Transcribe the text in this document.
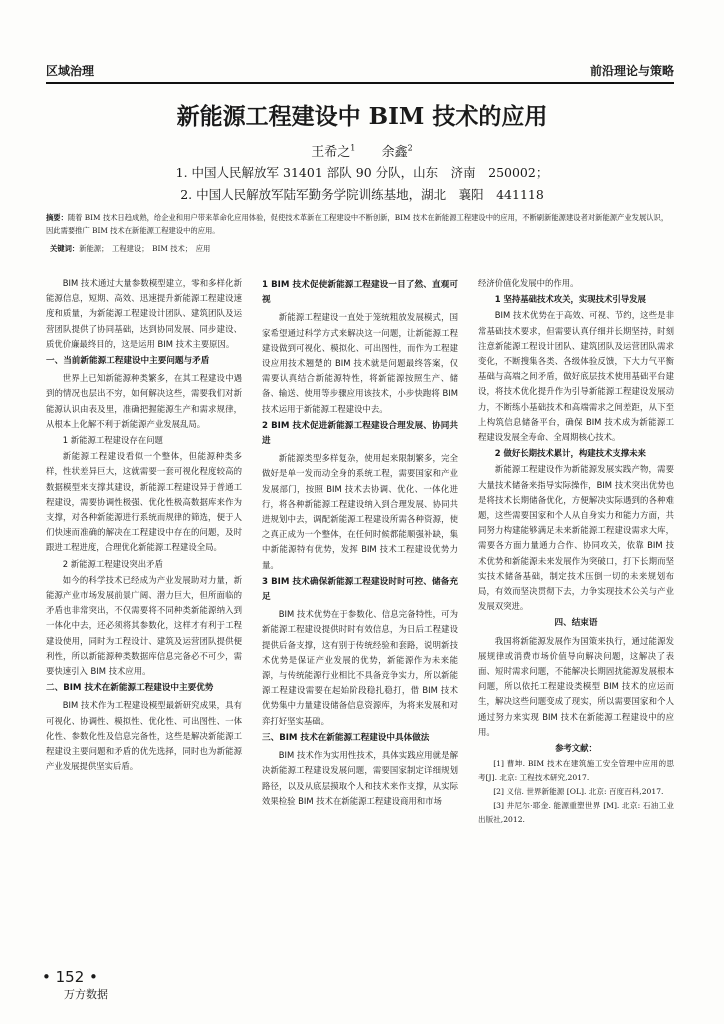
区域治理	前沿理论与策略
新能源工程建设中 BIM 技术的应用
王希之$^1$ 余鑫$^2$
1. 中国人民解放军 31401 部队 90 分队，山东　济南　250002；
2. 中国人民解放军陆军勤务学院训练基地，湖北　襄阳　441118
摘要：随着 BIM 技术日趋成熟，给企业和用户带来革命化应用体验，促使技术革新在工程建设中不断创新，BIM 技术在新能源工程建设中的应用，不断刷新能源建设者对新能源产业发展认识，因此需要推广 BIM 技术在新能源工程建设中的应用。
关键词：新能源；　工程建设；　BIM 技术；　应用

BIM 技术通过大量参数模型建立，零和多样化新能源信息，短期、高效、迅速提升新能源工程建设速度和质量，为新能源工程建设计团队、建筑团队及运营团队提供了协同基础，达到协同发展、同步建设、质优价廉最终目的，这是运用 BIM 技术主要原因。

一、当前新能源工程建设中主要问题与矛盾

世界上已知新能源种类繁多，在其工程建设中遇到的情况也层出不穷，如何解决这些，需要我们对新能源认识由表及里，准确把握能源生产和需求规律，从根本上化解不利于新能源产业发展乱局。

1 新能源工程建设存在问题

新能源工程建设看似一个整体，但能源种类多样，性状差异巨大，这就需要一套可视化程度较高的数据模型来支撑其建设，新能源工程建设异于普通工程建设，需要协调性极强、优化性极高数据库来作为支撑，对各种新能源进行系统而规律的筛选，便于人们快速而准确的解决在工程建设中存在的问题，及时跟进工程进度，合理优化新能源工程建设全局。

2 新能源工程建设突出矛盾

如今的科学技术已经成为产业发展助对力量，新能源产业市场发展前景广阔、潜力巨大，但所面临的矛盾也非常突出，不仅需要将不同种类新能源纳入到一体化中去，还必须将其参数化，这样才有利于工程建设使用，同时为工程设计、建筑及运营团队提供便利性，所以新能源种类数据库信息完备必不可少，需要快速引入 BIM 技术应用。

二、BIM 技术在新能源工程建设中主要优势

BIM 技术作为工程建设模型最新研究成果，具有可视化、协调性、模拟性、优化性、可出图性、一体化性、参数化性及信息完备性，这些是解决新能源工程建设主要问题和矛盾的优先选择，同时也为新能源产业发展提供坚实后盾。

1 BIM 技术促使新能源工程建设一目了然、直观可视

新能源工程建设一直处于笼统粗放发展模式，国家希望通过科学方式来解决这一问题，让新能源工程建设做到可视化、模拟化、可出图性，而作为工程建设应用技术翘楚的 BIM 技术就是问题最终答案，仅需要认真结合新能源特性，将新能源按照生产、储备、输送、使用等步骤应用该技术，小步快跑将 BIM 技术运用于新能源工程建设中去。

2 BIM 技术促进新能源工程建设合理发展、协同共进

新能源类型多样复杂，使用起来限制繁多，完全做好是单一发而动全身的系统工程，需要国家和产业发展部门，按照 BIM 技术去协调、优化、一体化进行，将各种新能源工程建设纳入到合理发展、协同共进规划中去，调配新能源工程建设所需各种资源，使之真正成为一个整体，在任何时候都能顺强补缺，集中新能源特有优势，发挥 BIM 技术工程建设优势力量。

3 BIM 技术确保新能源工程建设时时可控、储备充足

BIM 技术优势在于参数化、信息完备特性，可为新能源工程建设提供时时有效信息，为日后工程建设提供后备支撑，这有别于传统经验和套路，说明新技术优势是保证产业发展的优势，新能源作为未来能源，与传统能源行业相比不具备竞争实力，所以新能源工程建设需要在起始阶段稳扎稳打，借 BIM 技术优势集中力量建设储备信息资源库，为将来发展和对弈打好坚实基础。

三、BIM 技术在新能源工程建设中具体做法

BIM 技术作为实用性技术，具体实践应用就是解决新能源工程建设发展问题，需要国家制定详细规划路径，以及从底层摸取个人和技术来作支撑，从实际效果检验 BIM 技术在新能源工程建设商用和市场

经济价值化发展中的作用。

1 坚持基础技术攻关，实现技术引导发展

BIM 技术优势在于高效、可视、节约，这些是非常基础技术要求，但需要认真仔细并长期坚持，时刻注意新能源工程设计团队、建筑团队及运营团队需求变化，不断搜集各类、各级体验反馈，下大力气平衡基础与高端之间矛盾，做好底层技术使用基础平台建设，将技术优化提升作为引导新能源工程建设发展动力，不断练小基础技术和高端需求之间差距，从下至上构筑信息储备平台，确保 BIM 技术成为新能源工程建设发展全寿命、全周期核心技术。

2 做好长期技术累计，构建技术支撑未来

新能源工程建设作为新能源发展实践产物，需要大量技术储备来指导实际操作，BIM 技术突出优势也是将技术长期储备优化，方便解决实际遇到的各种难题，这些需要国家和个人从自身实力和能力方面，共同努力构建能够满足未来新能源工程建设需求大库，需要各方面力量通力合作、协同攻关，依靠 BIM 技术优势和新能源未来发展作为突破口，打下长期而坚实技术储备基础，制定技术压倒一切的未来规划布局，有效而坚决贯彻下去，力争实现技术公关与产业发展双突进。

四、结束语

我国将新能源发展作为国策来执行，通过能源发展规律或消费市场价值导向解决问题，这解决了表面、短时需求问题，不能解决长期固扰能源发展根本问题，所以依托工程建设类模型 BIM 技术的应运而生，解决这些问题变成了现实，所以需要国家和个人通过努力来实现 BIM 技术在新能源工程建设中的应用。

参考文献：

[1] 曹坤. BIM 技术在建筑施工安全管理中应用的思考[J]. 北京: 工程技术研究,2017.

[2] 义信. 世界新能源 [OL]. 北京: 百度百科,2017.

[3] 井尼尔·耶金. 能源重塑世界 [M]. 北京: 石油工业出版社,2012.

• 152 •
万方数据
